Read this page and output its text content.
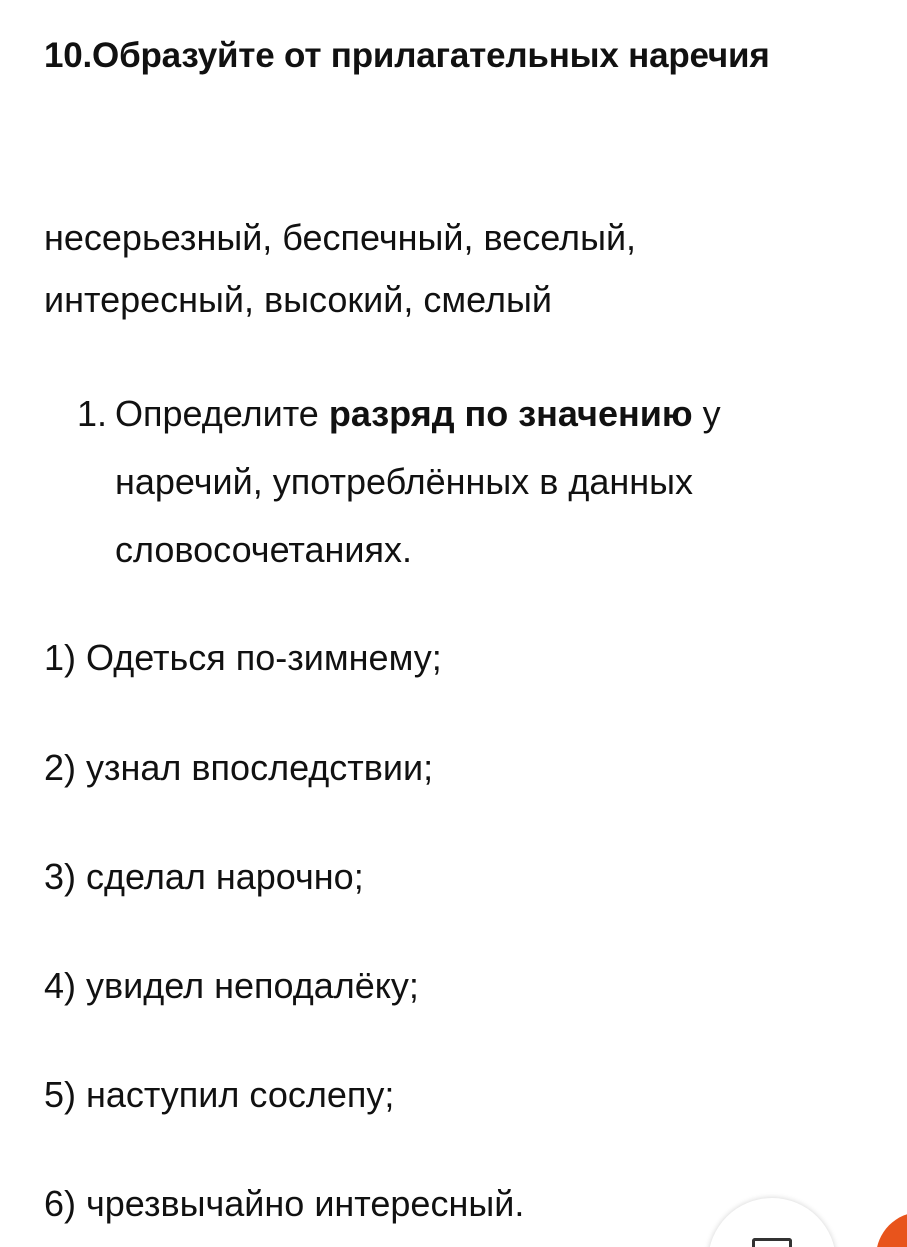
10.Образуйте от прилагательных наречия

несерьезный, беспечный, веселый,
интересный, высокий, смелый

1. Определите разряд по значению у наречий, употреблённых в данных словосочетаниях.

1) Одеться по-зимнему;

2) узнал впоследствии;

3) сделал нарочно;

4) увидел неподалёку;

5) наступил сослепу;

6) чрезвычайно интересный.
